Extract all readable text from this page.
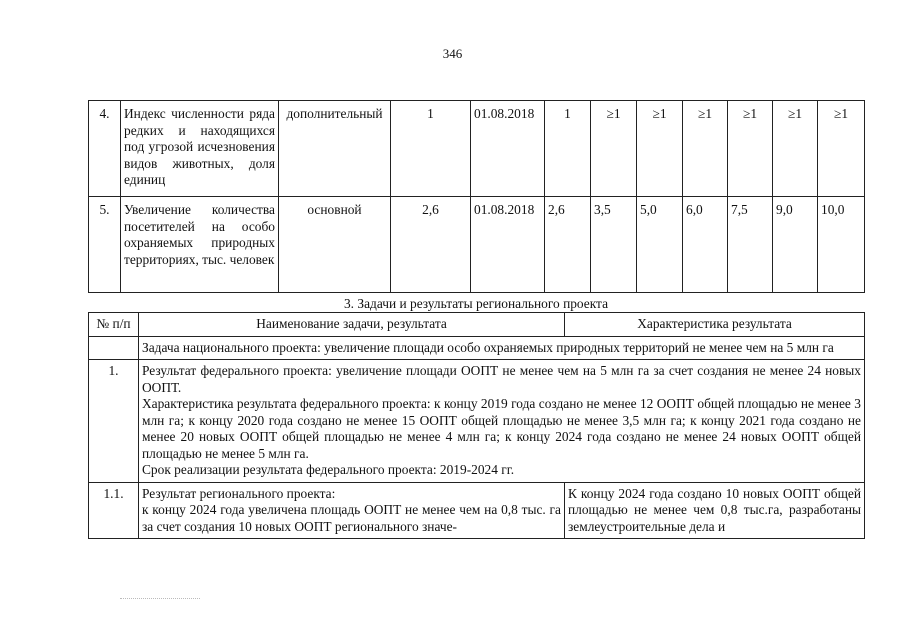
346
4.	Индекс численности ряда редких и находящихся под угрозой исчезновения видов животных, доля единиц	дополнительный	1	01.08.2018	1	≥1	≥1	≥1	≥1	≥1	≥1
5.	Увеличение количества посетителей на особо охраняемых природных территориях, тыс. человек	основной	2,6	01.08.2018	2,6	3,5	5,0	6,0	7,5	9,0	10,0
3. Задачи и результаты регионального проекта
№ п/п	Наименование задачи, результата	Характеристика результата
	Задача национального проекта: увеличение площади особо охраняемых природных территорий не менее чем на 5 млн га	
1.	Результат федерального проекта: увеличение площади ООПТ не менее чем на 5 млн га за счет создания не менее 24 новых ООПТ.
Характеристика результата федерального проекта: к концу 2019 года создано не менее 12 ООПТ общей площадью не менее 3 млн га; к концу 2020 года создано не менее 15 ООПТ общей площадью не менее 3,5 млн га; к концу 2021 года создано не менее 20 новых ООПТ общей площадью не менее 4 млн га; к концу 2024 года создано не менее 24 новых ООПТ общей площадью не менее 5 млн га.
Срок реализации результата федерального проекта: 2019-2024 гг.	

1.1.	Результат регионального проекта:
к концу 2024 года увеличена площадь ООПТ не менее чем на 0,8 тыс. га за счет создания 10 новых ООПТ регионального значе-	К концу 2024 года создано 10 новых ООПТ общей площадью не менее чем 0,8 тыс.га, разработаны землеустроительные дела и
